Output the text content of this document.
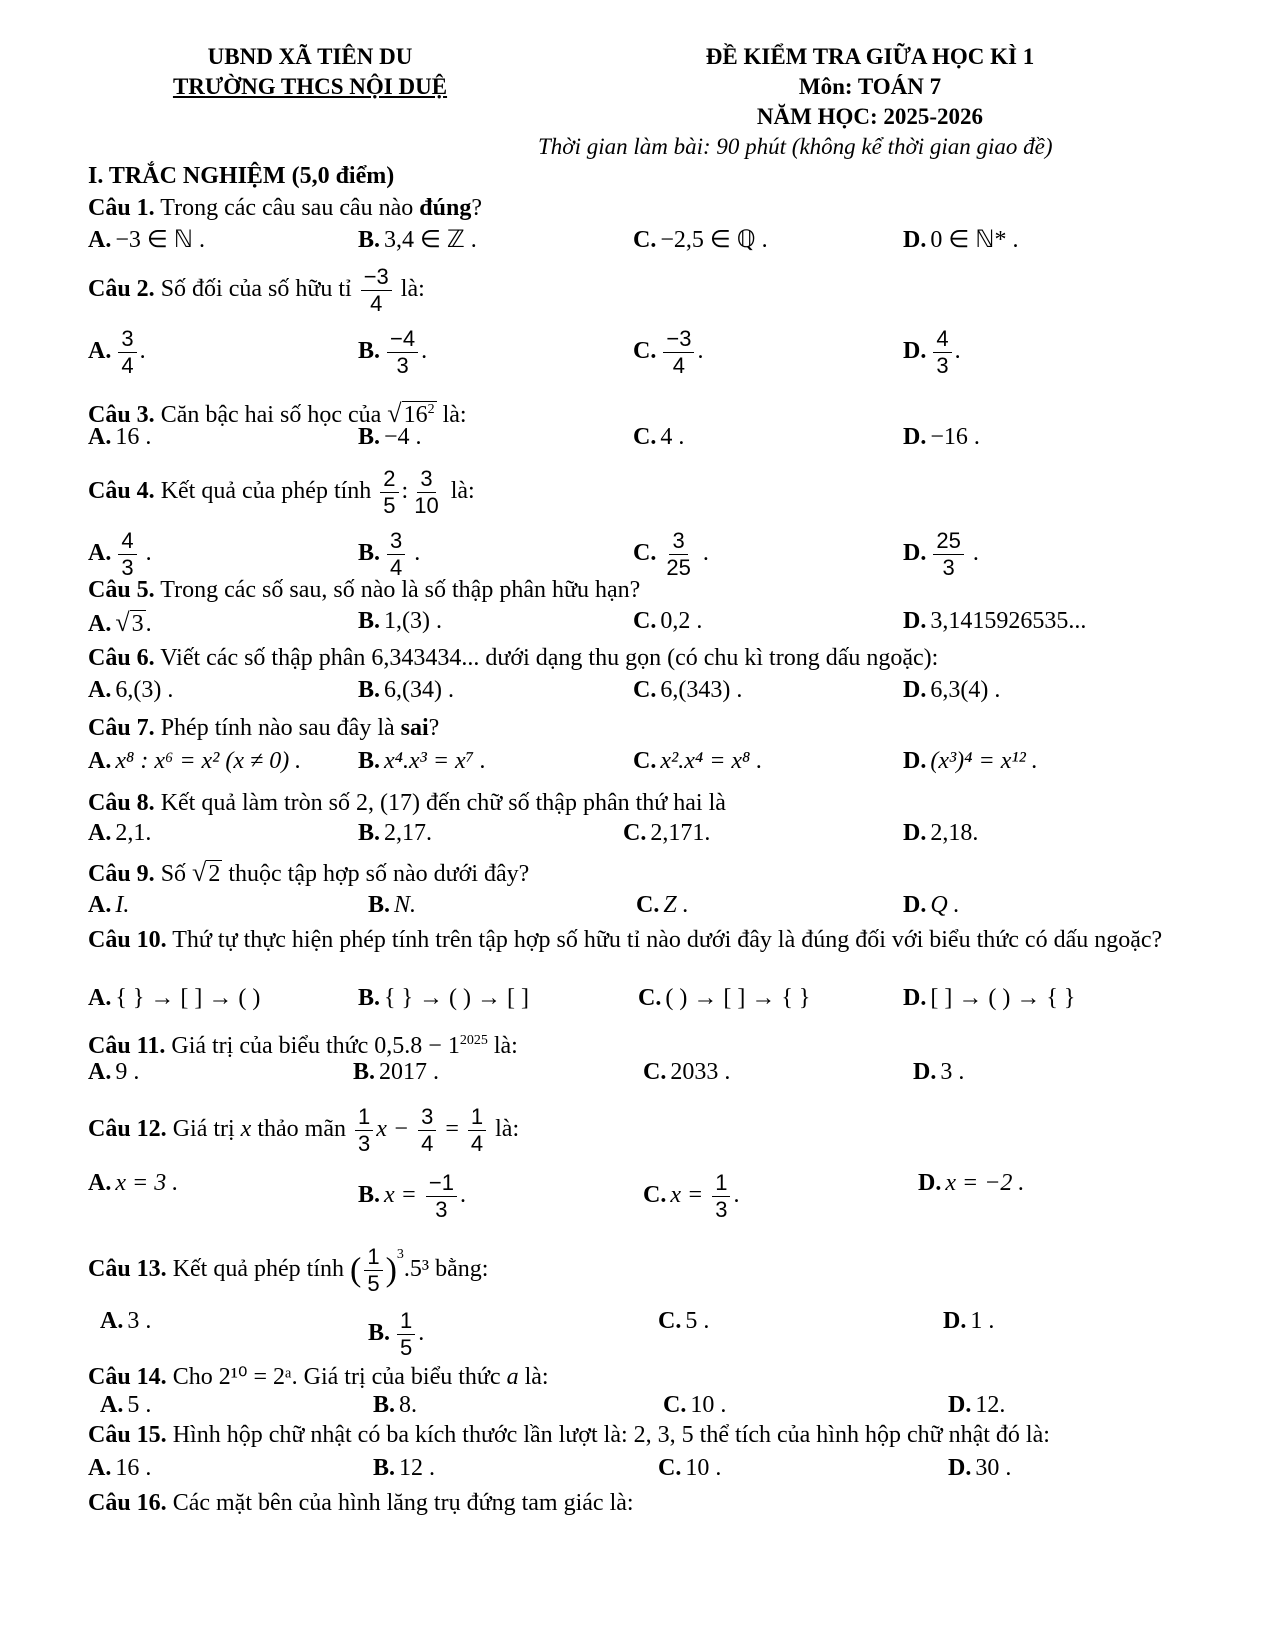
UBND XÃ TIÊN DU
TRƯỜNG THCS NỘI DUỆ
ĐỀ KIỂM TRA GIỮA HỌC KÌ 1
Môn: TOÁN 7
NĂM HỌC: 2025-2026
Thời gian làm bài: 90 phút (không kể thời gian giao đề)
I. TRẮC NGHIỆM (5,0 điểm)
Câu 1. Trong các câu sau câu nào đúng?
A. −3 ∈ ℕ .	B. 3,4 ∈ ℤ .	C. −2,5 ∈ ℚ .	D. 0 ∈ ℕ* .
Câu 2. Số đối của số hữu tỉ $\frac{-3}{4}$ là:
A. $\frac{3}{4}$ .	B. $\frac{-4}{3}$ .	C. $\frac{-3}{4}$ .	D. $\frac{4}{3}$ .
Câu 3. Căn bậc hai số học của $√16^2$ là:
A. 16 .	B. −4 .	C. 4 .	D. −16 .
Câu 4. Kết quả của phép tính $\frac{2}{5}$ : $\frac{3}{10}$ là:
A. $\frac{4}{3}$ .	B. $\frac{3}{4}$ .	C. $\frac{3}{25}$ .	D. $\frac{25}{3}$ .
Câu 5. Trong các số sau, số nào là số thập phân hữu hạn?
A. √3.	B. 1,(3) .	C. 0,2 .	D. 3,1415926535...
Câu 6. Viết các số thập phân 6,343434... dưới dạng thu gọn (có chu kì trong dấu ngoặc):
A. 6,(3) .	B. 6,(34) .	C. 6,(343) .	D. 6,3(4) .
Câu 7. Phép tính nào sau đây là sai?
A. x⁸ : x⁶ = x² (x ≠ 0) . B. x⁴.x³ = x⁷ .	C. x².x⁴ = x⁸ .	D. (x³)⁴ = x¹² .
Câu 8. Kết quả làm tròn số 2, (17) đến chữ số thập phân thứ hai là
A. 2,1.	B. 2,17.	C. 2,171.	D. 2,18.
Câu 9. Số √2 thuộc tập hợp số nào dưới đây?
A. I.	B. N.	C. Z .	D. Q .
Câu 10. Thứ tự thực hiện phép tính trên tập hợp số hữu tỉ nào dưới đây là đúng đối với biểu thức có dấu ngoặc?
A. { } → [ ] → ( )	B. { } → ( ) → [ ]	C. ( ) → [ ] → { }	D. [ ] → ( ) → { }
Câu 11. Giá trị của biểu thức $0,5.8 - 1^{2025}$ là:
A. 9 .	B. 2017 .	C. 2033 .	D. 3 .
Câu 12. Giá trị x thảo mãn $\frac{1}{3}$ $x - \frac{3}{4} = \frac{1}{4}$ là:
A. x = 3 .	B. $x = \frac{-1}{3}$ .	C. $x = \frac{1}{3}$ .	D. x = −2 .
Câu 13. Kết quả phép tính ( $\frac{1}{5} )^3.5^3$ bằng:
A. 3 .	B. $\frac{1}{5}$ .	C. 5 .	D. 1 .
Câu 14. Cho 2¹⁰ = 2ᵃ. Giá trị của biểu thức a là:
A. 5 .	B. 8.	C. 10 .	D. 12.
Câu 15. Hình hộp chữ nhật có ba kích thước lần lượt là: 2, 3, 5 thể tích của hình hộp chữ nhật đó là:
A. 16 .	B. 12 .	C. 10 .	D. 30 .
Câu 16. Các mặt bên của hình lăng trụ đứng tam giác là:
